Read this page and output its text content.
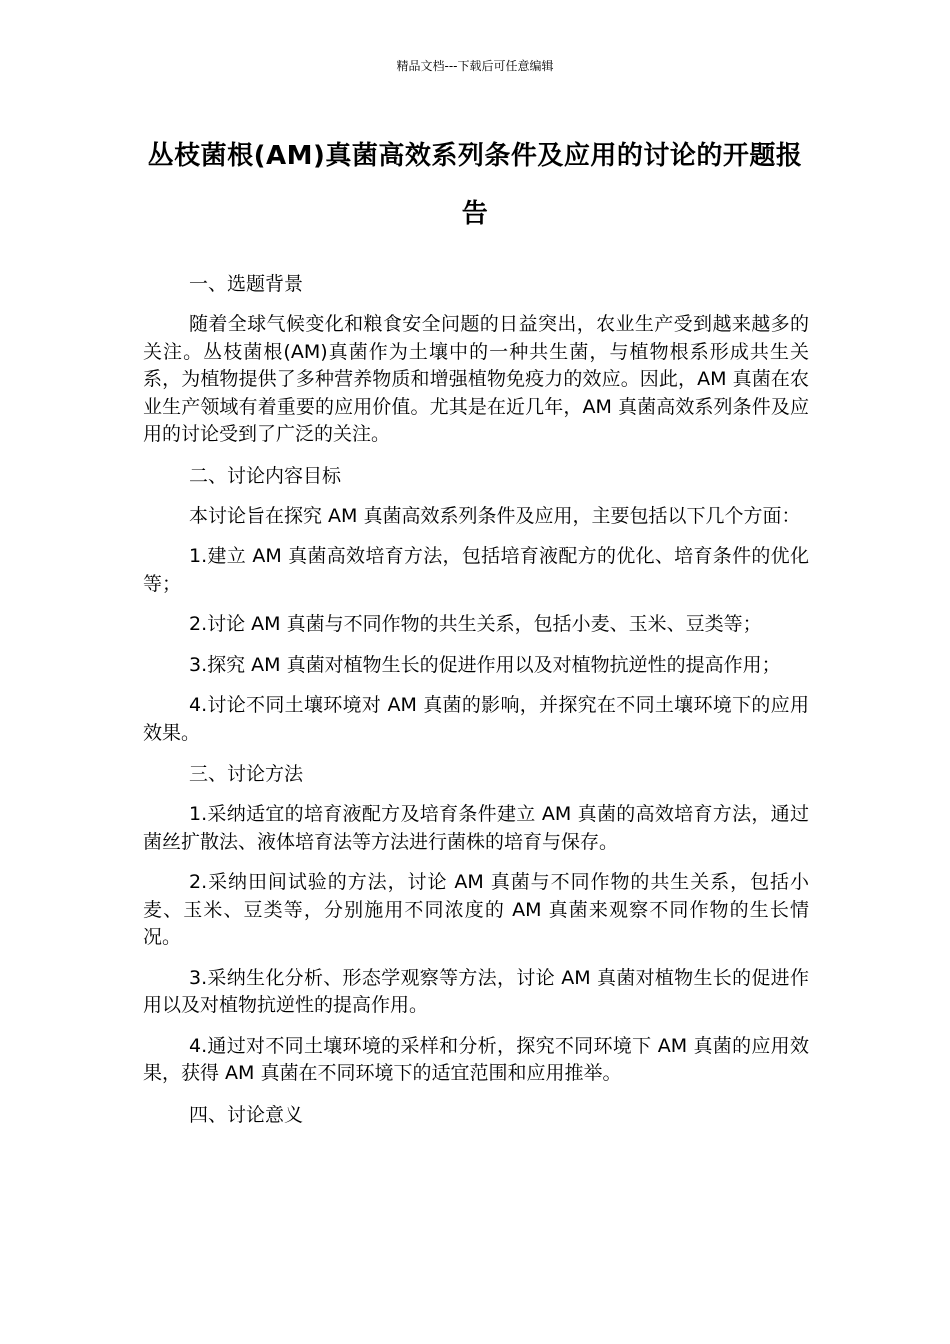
精品文档---下载后可任意编辑
丛枝菌根(AM)真菌高效系列条件及应用的讨论的开题报告
一、选题背景
随着全球气候变化和粮食安全问题的日益突出，农业生产受到越来越多的关注。丛枝菌根(AM)真菌作为土壤中的一种共生菌，与植物根系形成共生关系，为植物提供了多种营养物质和增强植物免疫力的效应。因此，AM 真菌在农业生产领域有着重要的应用价值。尤其是在近几年，AM 真菌高效系列条件及应用的讨论受到了广泛的关注。
二、讨论内容目标
本讨论旨在探究 AM 真菌高效系列条件及应用，主要包括以下几个方面：
1.建立 AM 真菌高效培育方法，包括培育液配方的优化、培育条件的优化等；
2.讨论 AM 真菌与不同作物的共生关系，包括小麦、玉米、豆类等；
3.探究 AM 真菌对植物生长的促进作用以及对植物抗逆性的提高作用；
4.讨论不同土壤环境对 AM 真菌的影响，并探究在不同土壤环境下的应用效果。
三、讨论方法
1.采纳适宜的培育液配方及培育条件建立 AM 真菌的高效培育方法，通过菌丝扩散法、液体培育法等方法进行菌株的培育与保存。
2.采纳田间试验的方法，讨论 AM 真菌与不同作物的共生关系，包括小麦、玉米、豆类等，分别施用不同浓度的 AM 真菌来观察不同作物的生长情况。
3.采纳生化分析、形态学观察等方法，讨论 AM 真菌对植物生长的促进作用以及对植物抗逆性的提高作用。
4.通过对不同土壤环境的采样和分析，探究不同环境下 AM 真菌的应用效果，获得 AM 真菌在不同环境下的适宜范围和应用推举。
四、讨论意义
